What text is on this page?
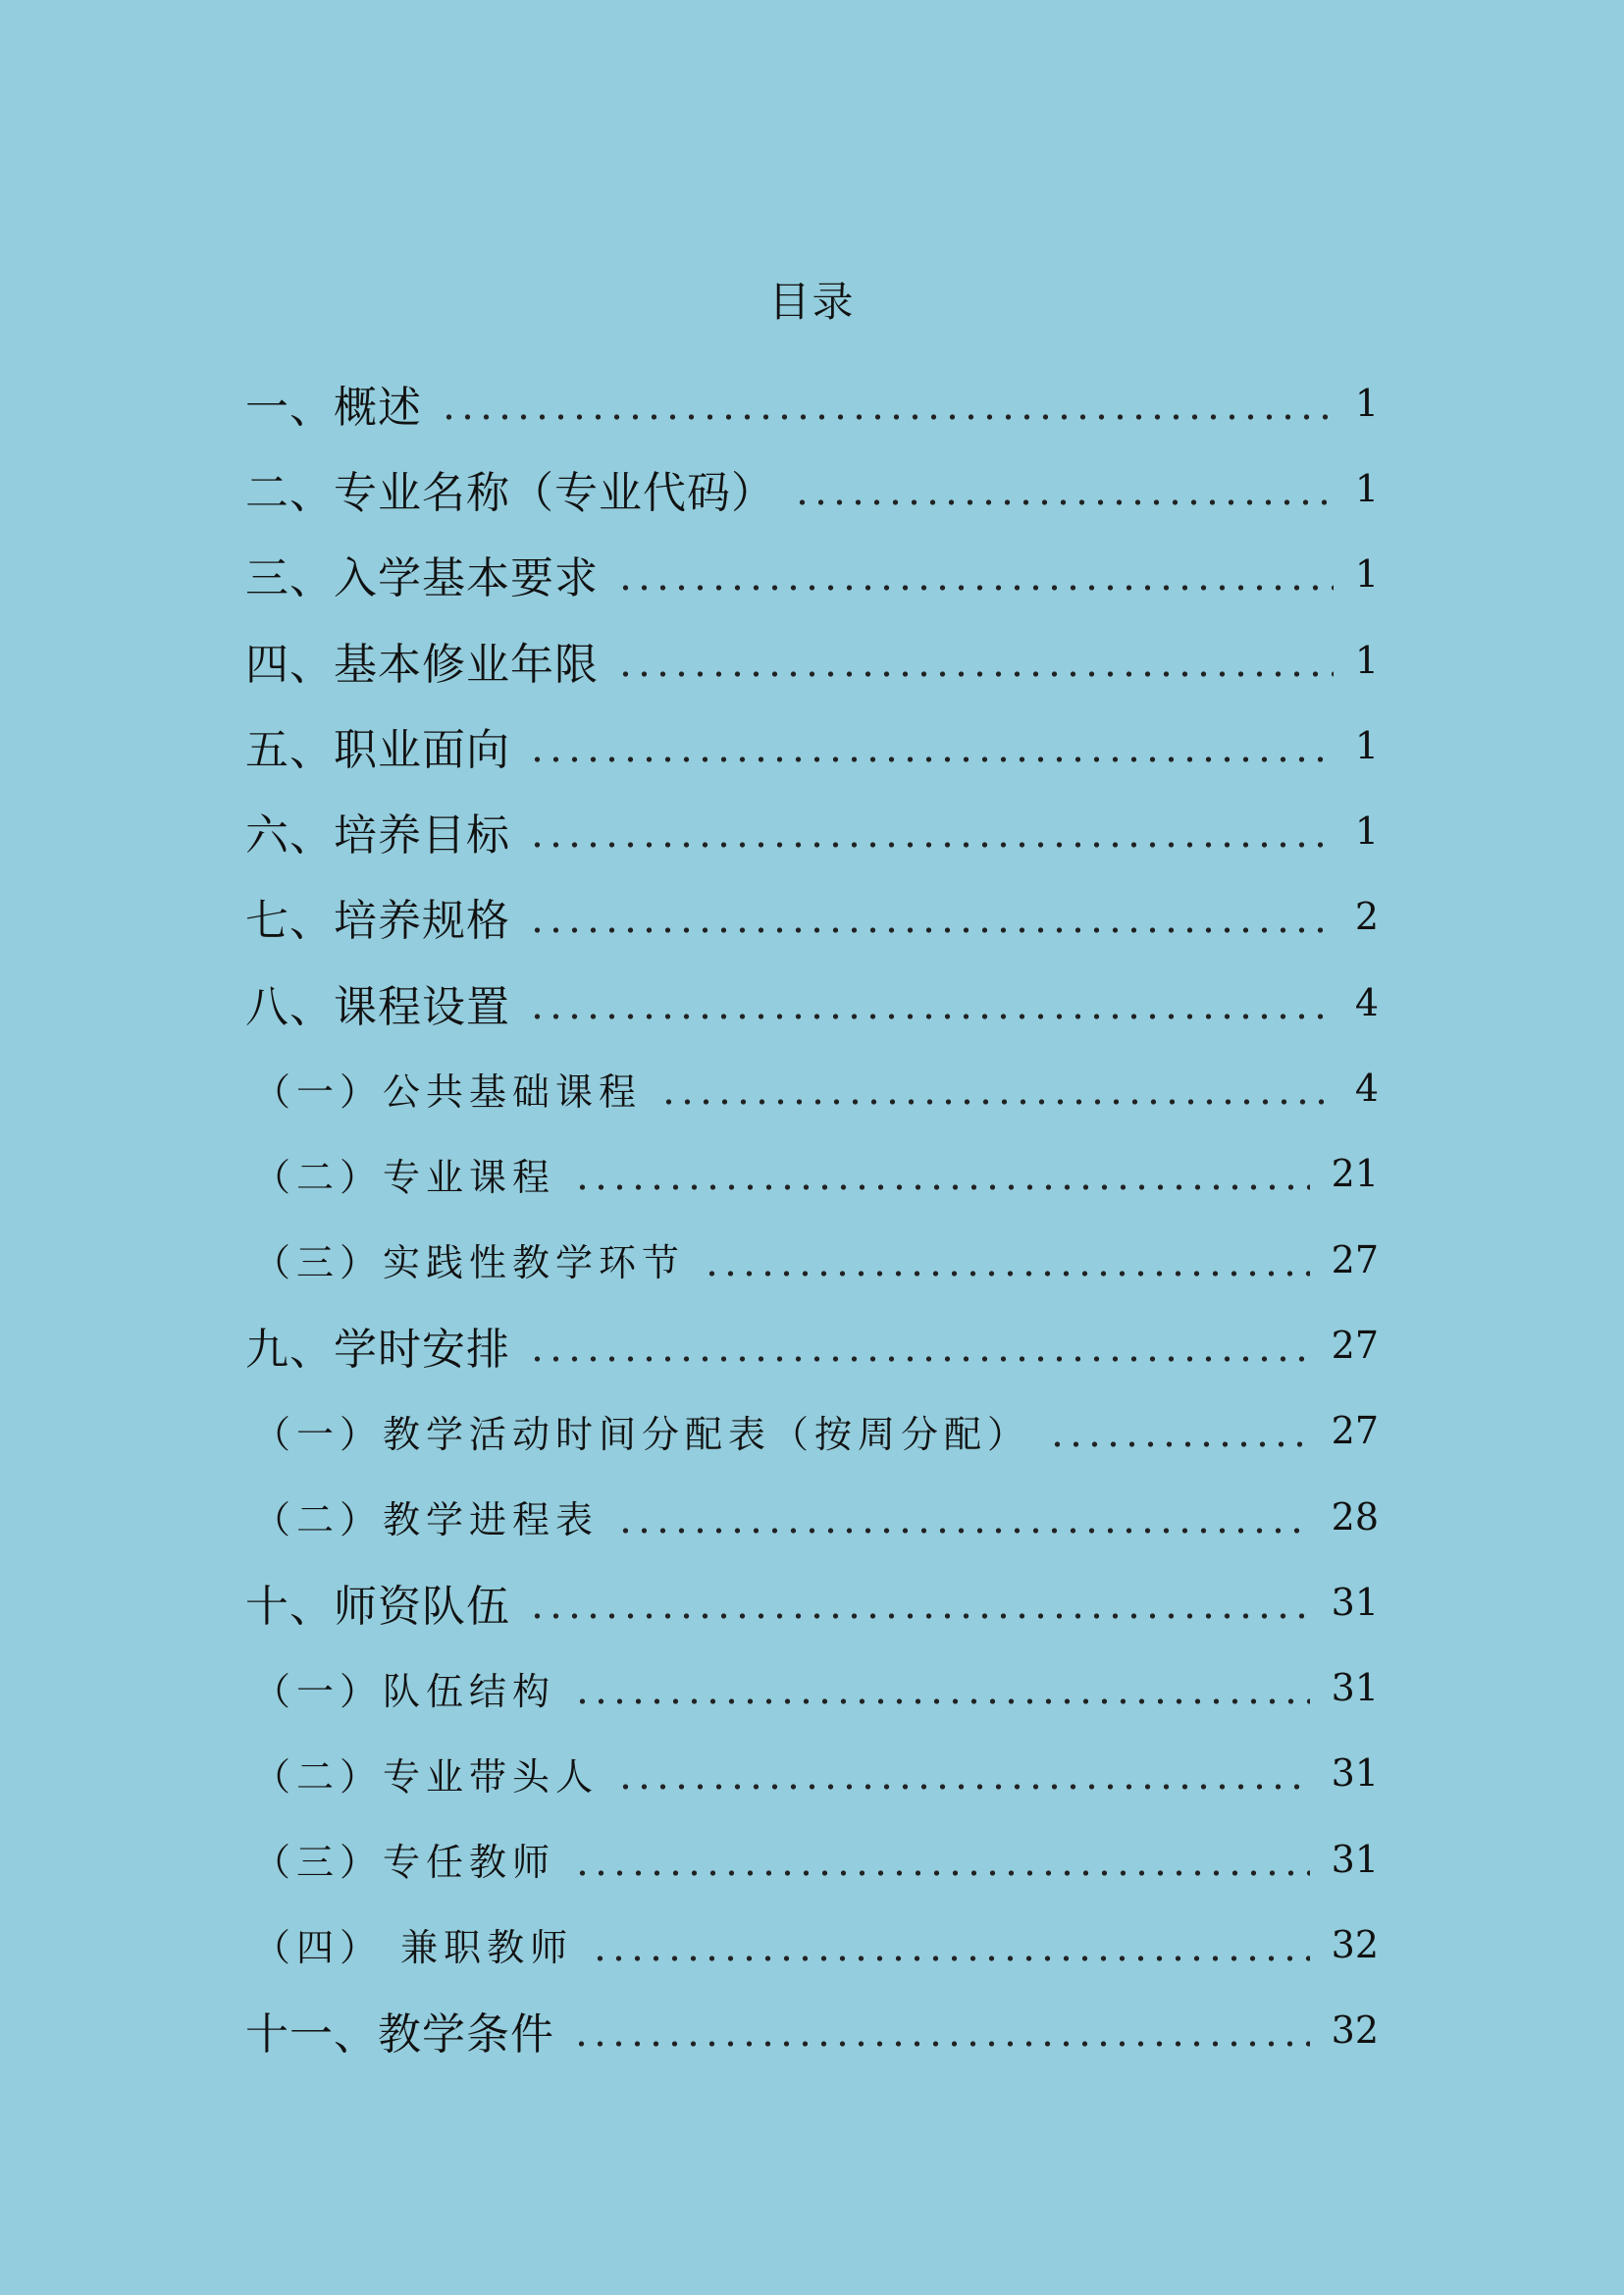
目录
一、概述	1
二、专业名称（专业代码）	1
三、入学基本要求	1
四、基本修业年限	1
五、职业面向	1
六、培养目标	1
七、培养规格	2
八、课程设置	4
（一）公共基础课程	4
（二）专业课程	21
（三）实践性教学环节	27
九、学时安排	27
（一）教学活动时间分配表（按周分配）	27
（二）教学进程表	28
十、师资队伍	31
（一）队伍结构	31
（二）专业带头人	31
（三）专任教师	31
（四） 兼职教师	32
十一、教学条件	32
